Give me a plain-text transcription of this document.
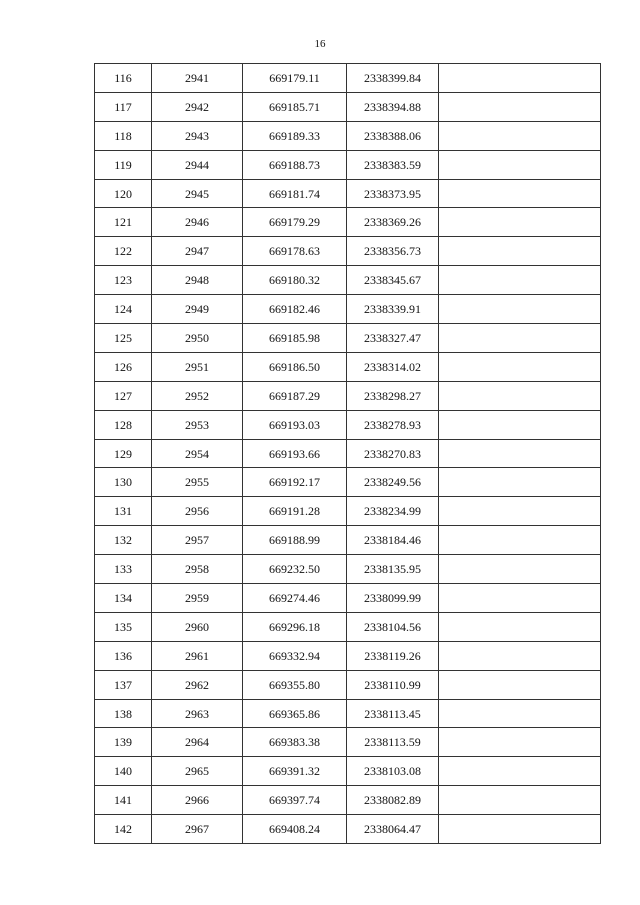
16
116	2941	669179.11	2338399.84	
117	2942	669185.71	2338394.88	
118	2943	669189.33	2338388.06	
119	2944	669188.73	2338383.59	
120	2945	669181.74	2338373.95	
121	2946	669179.29	2338369.26	
122	2947	669178.63	2338356.73	
123	2948	669180.32	2338345.67	
124	2949	669182.46	2338339.91	
125	2950	669185.98	2338327.47	
126	2951	669186.50	2338314.02	
127	2952	669187.29	2338298.27	
128	2953	669193.03	2338278.93	
129	2954	669193.66	2338270.83	
130	2955	669192.17	2338249.56	
131	2956	669191.28	2338234.99	
132	2957	669188.99	2338184.46	
133	2958	669232.50	2338135.95	
134	2959	669274.46	2338099.99	
135	2960	669296.18	2338104.56	
136	2961	669332.94	2338119.26	
137	2962	669355.80	2338110.99	
138	2963	669365.86	2338113.45	
139	2964	669383.38	2338113.59	
140	2965	669391.32	2338103.08	
141	2966	669397.74	2338082.89	
142	2967	669408.24	2338064.47	
